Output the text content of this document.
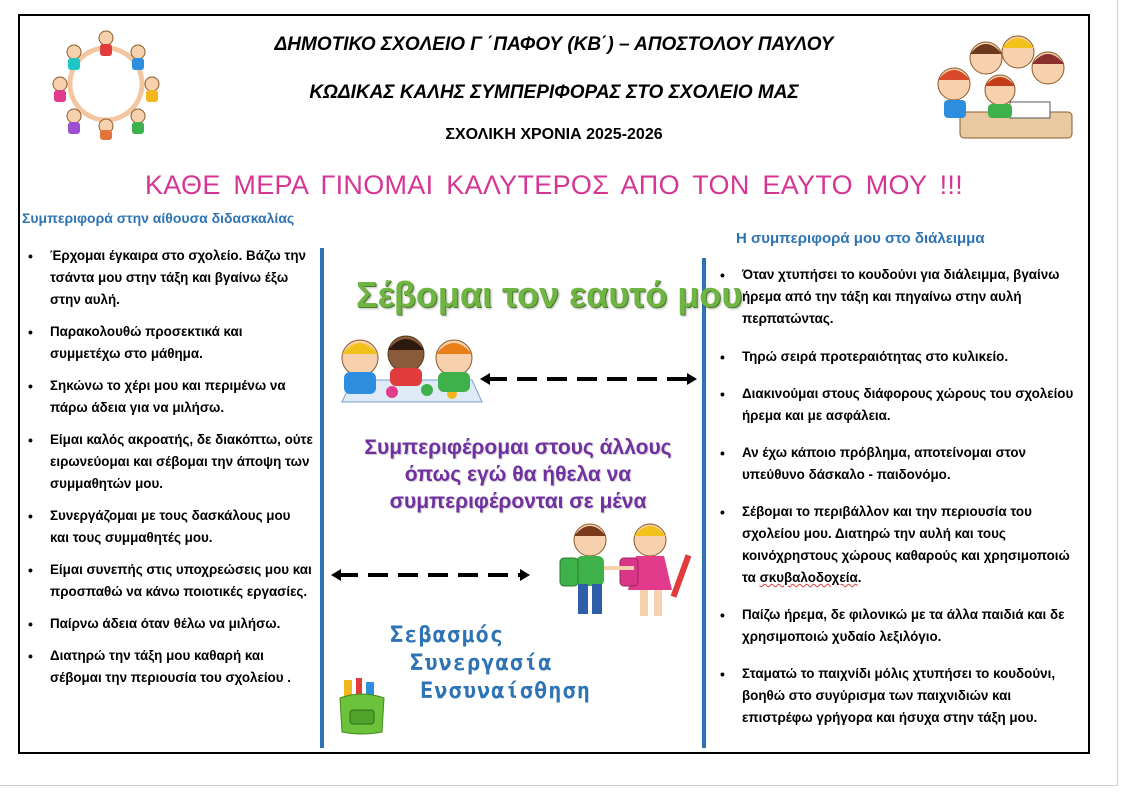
ΔΗΜΟΤΙΚΟ ΣΧΟΛΕΙΟ Γ ΄ΠΑΦΟΥ (ΚΒ΄) – ΑΠΟΣΤΟΛΟΥ ΠΑΥΛΟΥ
ΚΩΔΙΚΑΣ ΚΑΛΗΣ ΣΥΜΠΕΡΙΦΟΡΑΣ ΣΤΟ ΣΧΟΛΕΙΟ ΜΑΣ
ΣΧΟΛΙΚΗ ΧΡΟΝΙΑ 2025-2026
ΚΑΘΕ ΜΕΡΑ ΓΙΝΟΜΑΙ ΚΑΛΥΤΕΡΟΣ ΑΠΟ ΤΟΝ ΕΑΥΤΟ ΜΟΥ !!!
Συμπεριφορά στην αίθουσα διδασκαλίας
• Έρχομαι έγκαιρα στο σχολείο. Βάζω την τσάντα μου στην τάξη και βγαίνω έξω στην αυλή.
• Παρακολουθώ προσεκτικά και συμμετέχω στο μάθημα.
• Σηκώνω το χέρι μου και περιμένω να πάρω άδεια για να μιλήσω.
• Είμαι καλός ακροατής, δε διακόπτω, ούτε ειρωνεύομαι και σέβομαι την άποψη των συμμαθητών μου.
• Συνεργάζομαι με τους δασκάλους μου και τους συμμαθητές μου.
• Είμαι συνεπής στις υποχρεώσεις μου και προσπαθώ να κάνω ποιοτικές εργασίες.
• Παίρνω άδεια όταν θέλω να μιλήσω.
• Διατηρώ την τάξη μου καθαρή και σέβομαι την περιουσία του σχολείου .
Σέβομαι τον εαυτό μου
Συμπεριφέρομαι στους άλλους όπως εγώ θα ήθελα να συμπεριφέρονται σε μένα
Σεβασμός
Συνεργασία
Ενσυναίσθηση
Η συμπεριφορά μου στο διάλειμμα
• Όταν χτυπήσει το κουδούνι για διάλειμμα, βγαίνω ήρεμα από την τάξη και πηγαίνω στην αυλή περπατώντας.
• Τηρώ σειρά προτεραιότητας στο κυλικείο.
• Διακινούμαι στους διάφορους χώρους του σχολείου ήρεμα και με ασφάλεια.
• Αν έχω κάποιο πρόβλημα, αποτείνομαι στον υπεύθυνο δάσκαλο - παιδονόμο.
• Σέβομαι το περιβάλλον και την περιουσία του σχολείου μου. Διατηρώ την αυλή και τους κοινόχρηστους χώρους καθαρούς και χρησιμοποιώ τα σκυβαλοδοχεία.
• Παίζω ήρεμα, δε φιλονικώ με τα άλλα παιδιά και δε χρησιμοποιώ χυδαίο λεξιλόγιο.
• Σταματώ το παιχνίδι μόλις χτυπήσει το κουδούνι, βοηθώ στο συγύρισμα των παιχνιδιών και επιστρέφω γρήγορα και ήσυχα στην τάξη μου.
